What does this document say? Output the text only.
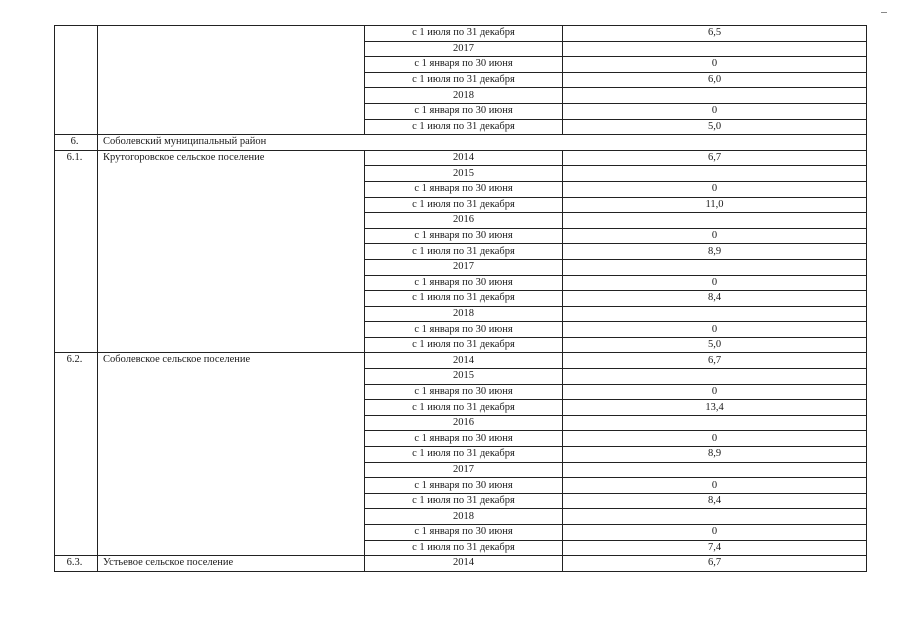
		с 1 июля по 31 декабря	6,5
		2017	
		с 1 января по 30 июня	0
		с 1 июля по 31 декабря	6,0
		2018	
		с 1 января по 30 июня	0
		с 1 июля по 31 декабря	5,0
6.	Соболевский муниципальный район		
6.1.	Крутогоровское сельское поселение	2014	6,7
		2015	
		с 1 января по 30 июня	0
		с 1 июля по 31 декабря	11,0
		2016	
		с 1 января по 30 июня	0
		с 1 июля по 31 декабря	8,9
		2017	
		с 1 января по 30 июня	0
		с 1 июля по 31 декабря	8,4
		2018	
		с 1 января по 30 июня	0
		с 1 июля по 31 декабря	5,0
6.2.	Соболевское сельское поселение	2014	6,7
		2015	
		с 1 января по 30 июня	0
		с 1 июля по 31 декабря	13,4
		2016	
		с 1 января по 30 июня	0
		с 1 июля по 31 декабря	8,9
		2017	
		с 1 января по 30 июня	0
		с 1 июля по 31 декабря	8,4
		2018	
		с 1 января по 30 июня	0
		с 1 июля по 31 декабря	7,4
6.3.	Устьевое сельское поселение	2014	6,7
